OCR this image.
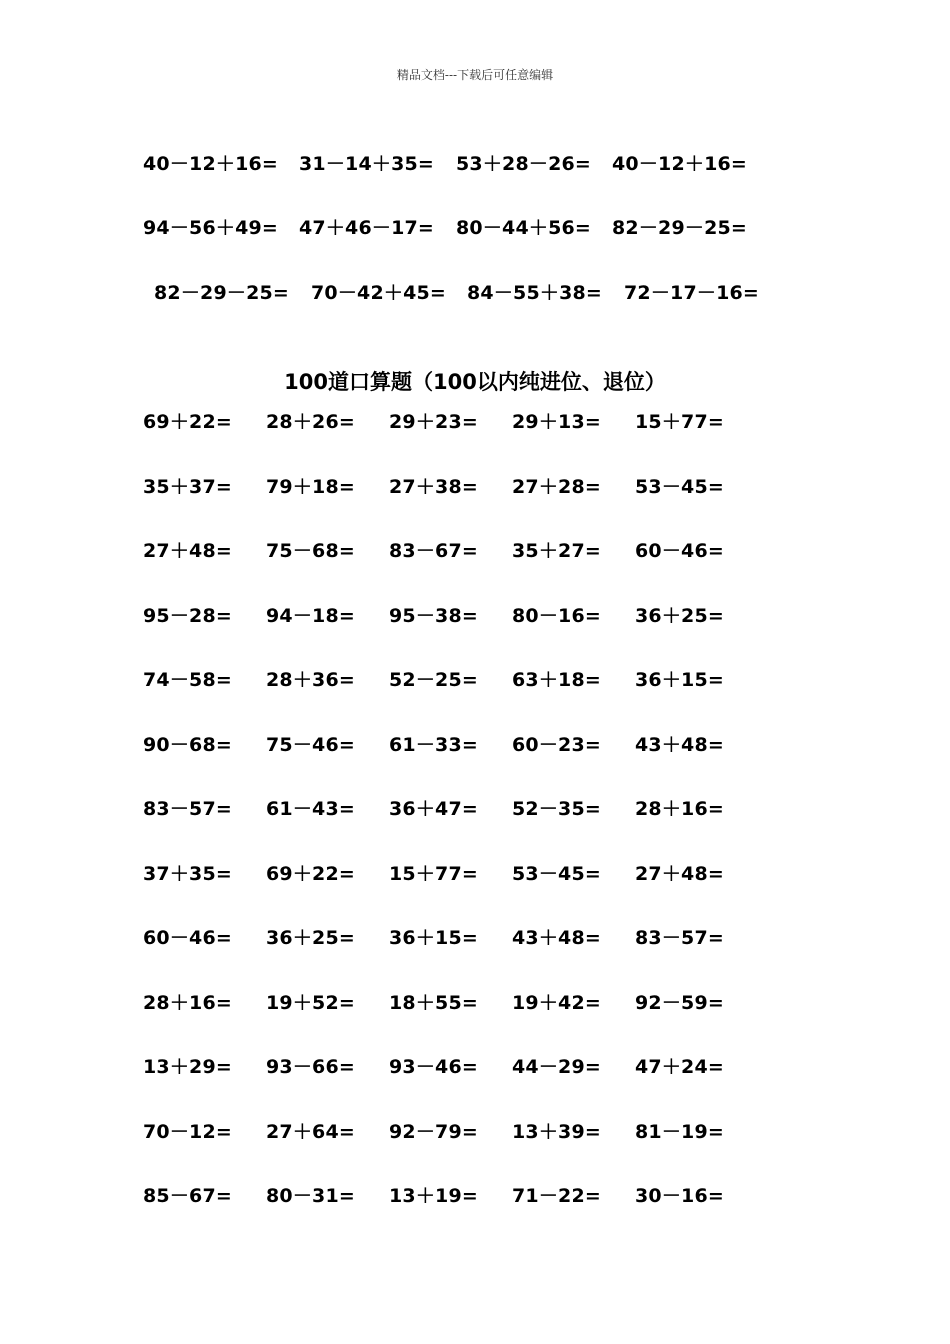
精品文档---下载后可任意编辑
40－12＋16= 31－14＋35= 53＋28－26= 40－12＋16=
94－56＋49= 47＋46－17= 80－44＋56= 82－29－25=
82－29－25= 70－42＋45= 84－55＋38= 72－17－16=
100道口算题（100以内纯进位、退位）
69＋22= 28＋26= 29＋23= 29＋13= 15＋77=
35＋37= 79＋18= 27＋38= 27＋28= 53－45=
27＋48= 75－68= 83－67= 35＋27= 60－46=
95－28= 94－18= 95－38= 80－16= 36＋25=
74－58= 28＋36= 52－25= 63＋18= 36＋15=
90－68= 75－46= 61－33= 60－23= 43＋48=
83－57= 61－43= 36＋47= 52－35= 28＋16=
37＋35= 69＋22= 15＋77= 53－45= 27＋48=
60－46= 36＋25= 36＋15= 43＋48= 83－57=
28＋16= 19＋52= 18＋55= 19＋42= 92－59=
13＋29= 93－66= 93－46= 44－29= 47＋24=
70－12= 27＋64= 92－79= 13＋39= 81－19=
85－67= 80－31= 13＋19= 71－22= 30－16=
